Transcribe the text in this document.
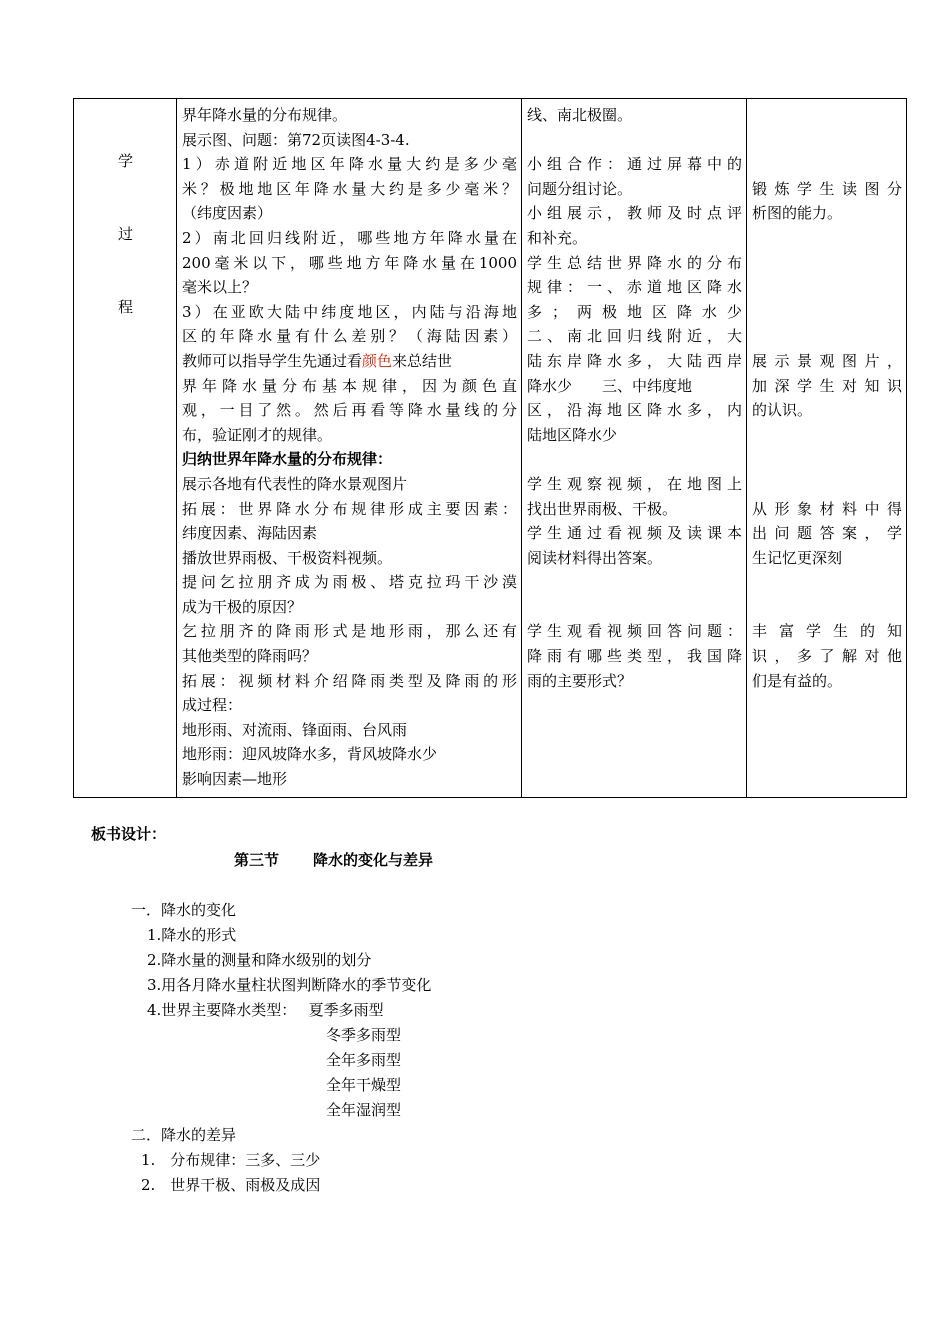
学
过
程

界年降水量的分布规律。
展示图、问题：第72页读图4-3-4.
1）赤道附近地区年降水量大约是多少毫
米？极地地区年降水量大约是多少毫米？
（纬度因素）
2）南北回归线附近，哪些地方年降水量在
200毫米以下，哪些地方年降水量在1000
毫米以上？
3）在亚欧大陆中纬度地区，内陆与沿海地
区的年降水量有什么差别？（海陆因素）
教师可以指导学生先通过看颜色来总结世
界年降水量分布基本规律，因为颜色直
观，一目了然。然后再看等降水量线的分
布，验证刚才的规律。
归纳世界年降水量的分布规律：
展示各地有代表性的降水景观图片
拓展：世界降水分布规律形成主要因素：
纬度因素、海陆因素
播放世界雨极、干极资料视频。
提问乞拉朋齐成为雨极、塔克拉玛干沙漠
成为干极的原因？
乞拉朋齐的降雨形式是地形雨，那么还有
其他类型的降雨吗？
拓展：视频材料介绍降雨类型及降雨的形
成过程：
地形雨、对流雨、锋面雨、台风雨
地形雨：迎风坡降水多，背风坡降水少
影响因素—地形

线、南北极圈。
小组合作：通过屏幕中的
问题分组讨论。
小组展示，教师及时点评
和补充。
学生总结世界降水的分布
规律：一、赤道地区降水
多；两极地区降水少
二、南北回归线附近，大
陆东岸降水多，大陆西岸
降水少　　三、中纬度地
区，沿海地区降水多，内
陆地区降水少
学生观察视频，在地图上
找出世界雨极、干极。
学生通过看视频及读课本
阅读材料得出答案。
学生观看视频回答问题：
降雨有哪些类型，我国降
雨的主要形式？

锻炼学生读图分
析图的能力。
展示景观图片，
加深学生对知识
的认识。
从形象材料中得
出问题答案，学
生记忆更深刻
丰富学生的知
识，多了解对他
们是有益的。
板书设计：
第三节 降水的变化与差异
一．降水的变化
1.降水的形式
2.降水量的测量和降水级别的划分
3.用各月降水量柱状图判断降水的季节变化
4.世界主要降水类型：　 夏季多雨型
冬季多雨型
全年多雨型
全年干燥型
全年湿润型
二．降水的差异
1.　分布规律：三多、三少
2.　世界干极、雨极及成因
